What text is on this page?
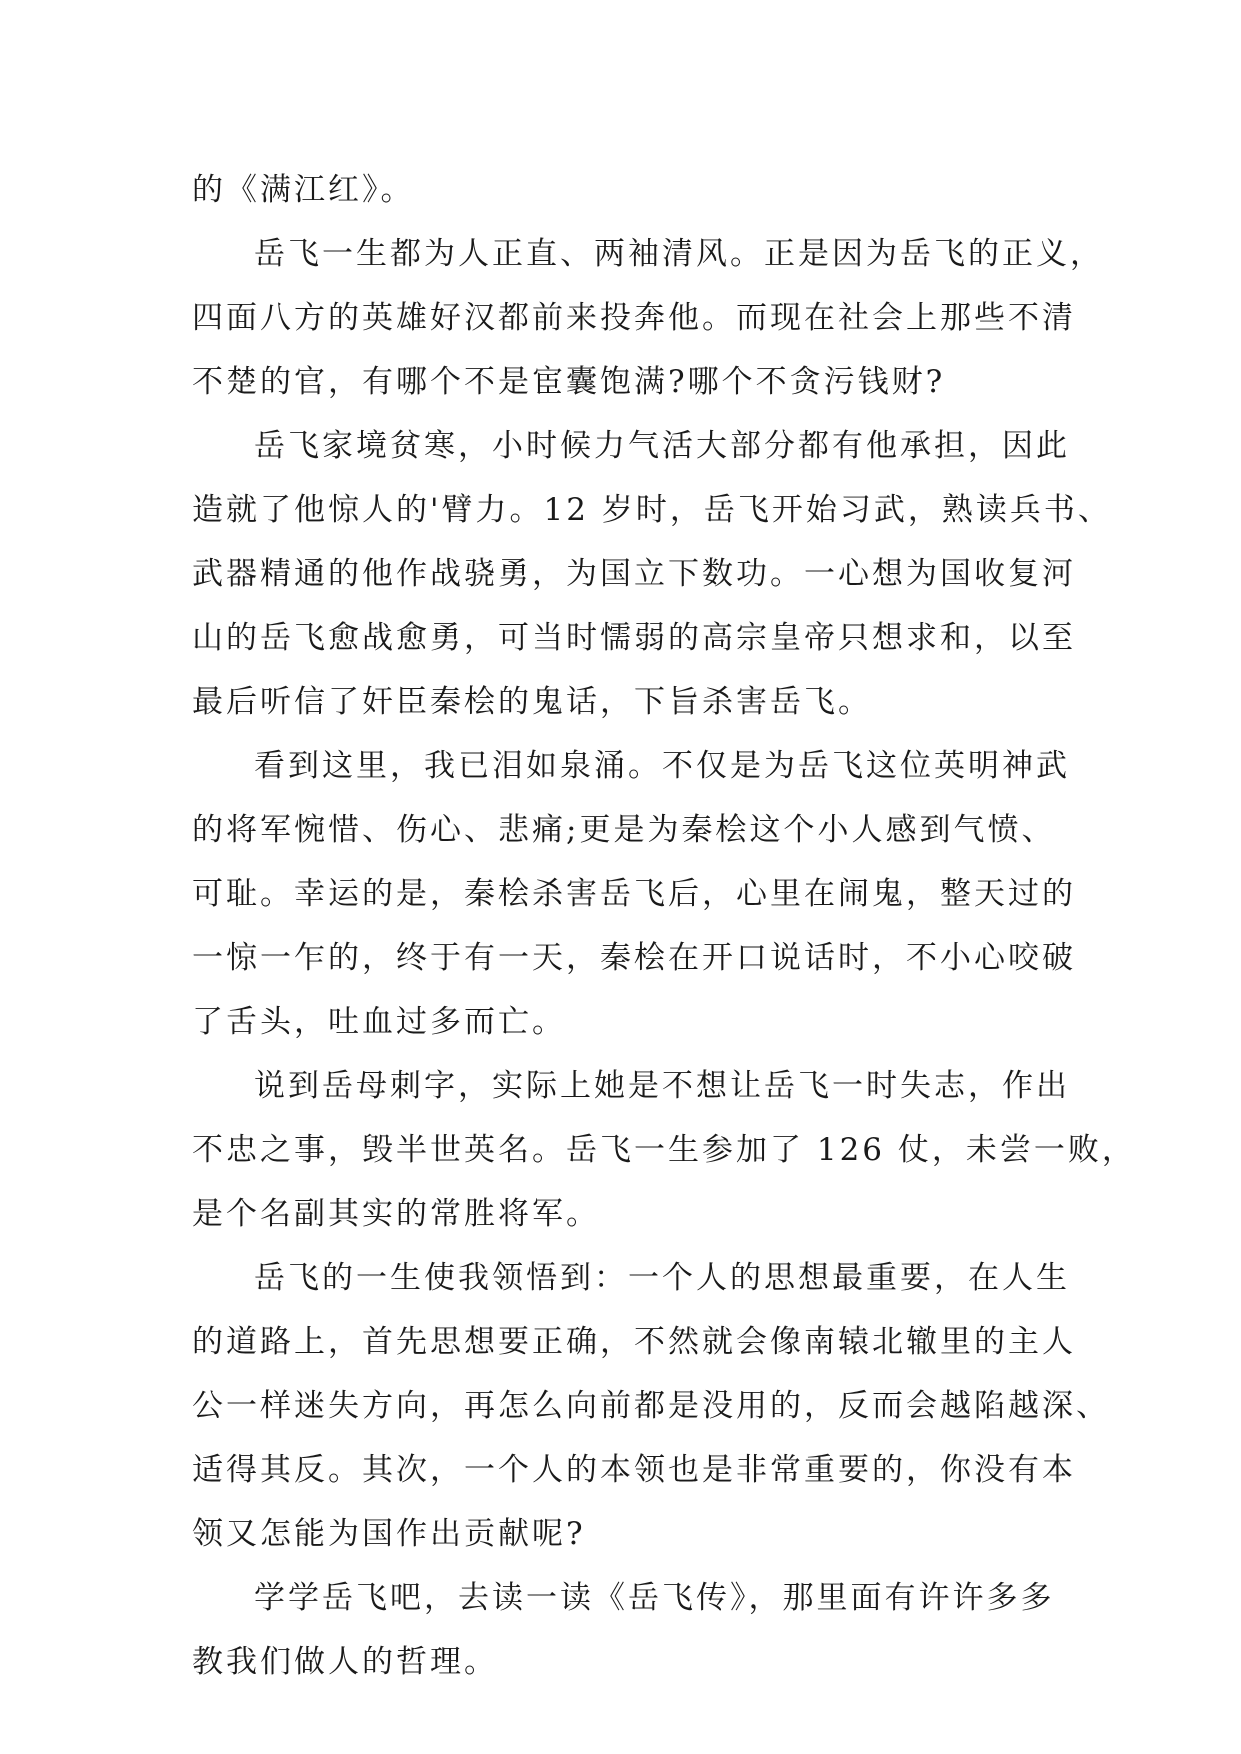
的《满江红》。
岳飞一生都为人正直、两袖清风。正是因为岳飞的正义，
四面八方的英雄好汉都前来投奔他。而现在社会上那些不清
不楚的官，有哪个不是宦囊饱满?哪个不贪污钱财?
岳飞家境贫寒，小时候力气活大部分都有他承担，因此
造就了他惊人的'臂力。12 岁时，岳飞开始习武，熟读兵书、
武器精通的他作战骁勇，为国立下数功。一心想为国收复河
山的岳飞愈战愈勇，可当时懦弱的高宗皇帝只想求和，以至
最后听信了奸臣秦桧的鬼话，下旨杀害岳飞。
看到这里，我已泪如泉涌。不仅是为岳飞这位英明神武
的将军惋惜、伤心、悲痛;更是为秦桧这个小人感到气愤、
可耻。幸运的是，秦桧杀害岳飞后，心里在闹鬼，整天过的
一惊一乍的，终于有一天，秦桧在开口说话时，不小心咬破
了舌头，吐血过多而亡。
说到岳母刺字，实际上她是不想让岳飞一时失志，作出
不忠之事，毁半世英名。岳飞一生参加了 126 仗，未尝一败，
是个名副其实的常胜将军。
岳飞的一生使我领悟到：一个人的思想最重要，在人生
的道路上，首先思想要正确，不然就会像南辕北辙里的主人
公一样迷失方向，再怎么向前都是没用的，反而会越陷越深、
适得其反。其次，一个人的本领也是非常重要的，你没有本
领又怎能为国作出贡献呢?
学学岳飞吧，去读一读《岳飞传》，那里面有许许多多
教我们做人的哲理。
